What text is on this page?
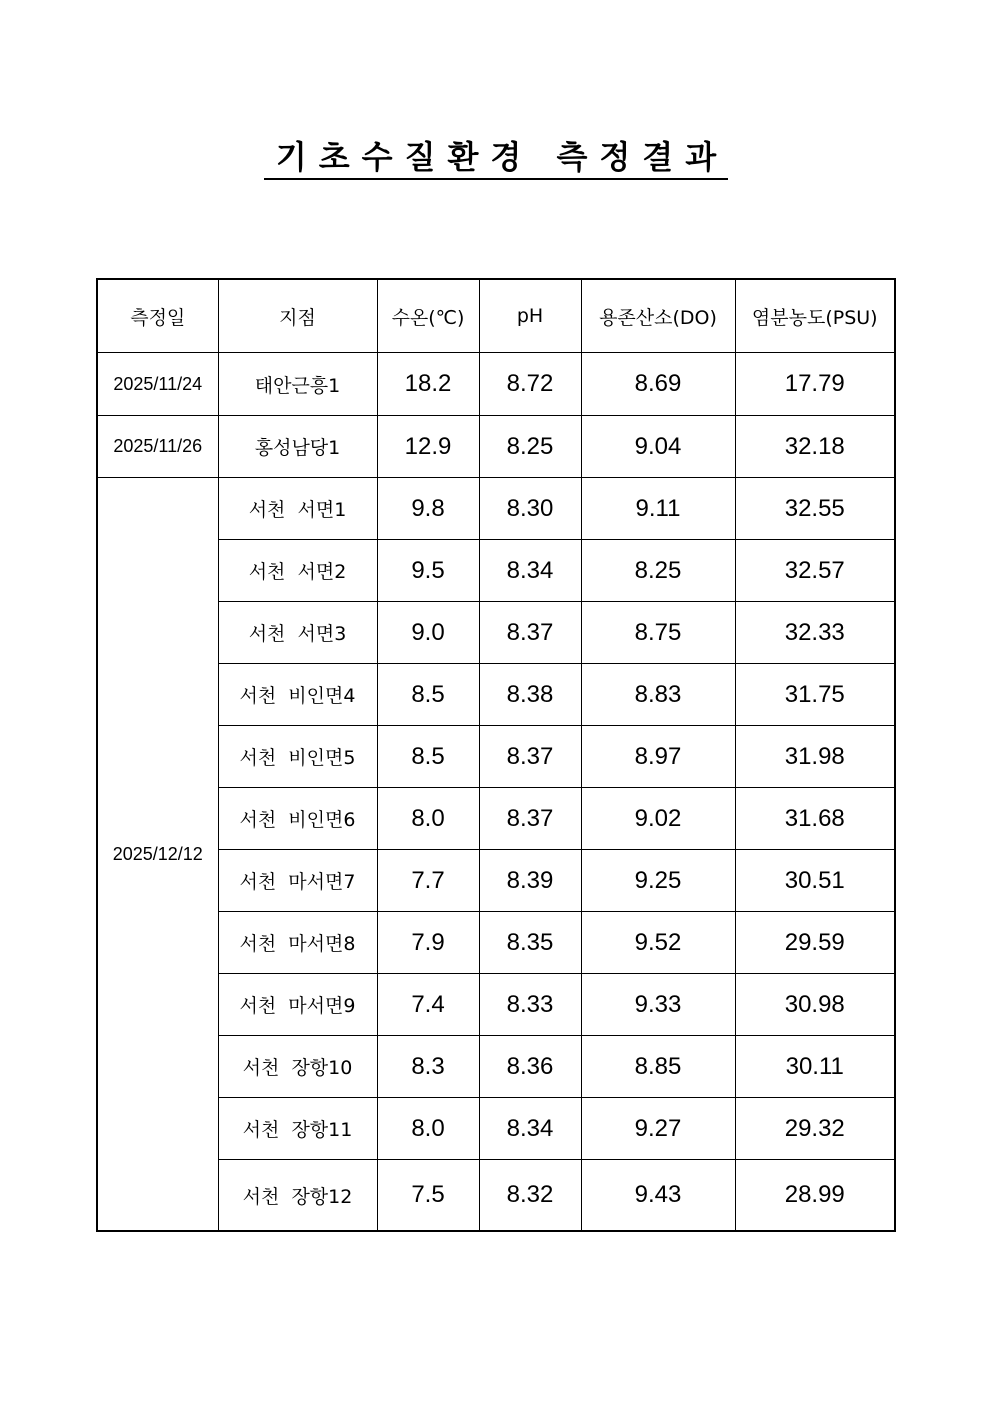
기초수질환경 측정결과
측정일	지점	수온(℃)	pH	용존산소(DO)	염분농도(PSU)
2025/11/24	태안근흥1	18.2	8.72	8.69	17.79
2025/11/26	홍성남당1	12.9	8.25	9.04	32.18
2025/12/12	서천  서면1	9.8	8.30	9.11	32.55
	서천  서면2	9.5	8.34	8.25	32.57
	서천  서면3	9.0	8.37	8.75	32.33
	서천  비인면4	8.5	8.38	8.83	31.75
	서천  비인면5	8.5	8.37	8.97	31.98
	서천  비인면6	8.0	8.37	9.02	31.68
	서천  마서면7	7.7	8.39	9.25	30.51
	서천  마서면8	7.9	8.35	9.52	29.59
	서천  마서면9	7.4	8.33	9.33	30.98
	서천  장항10	8.3	8.36	8.85	30.11
	서천  장항11	8.0	8.34	9.27	29.32
	서천  장항12	7.5	8.32	9.43	28.99
